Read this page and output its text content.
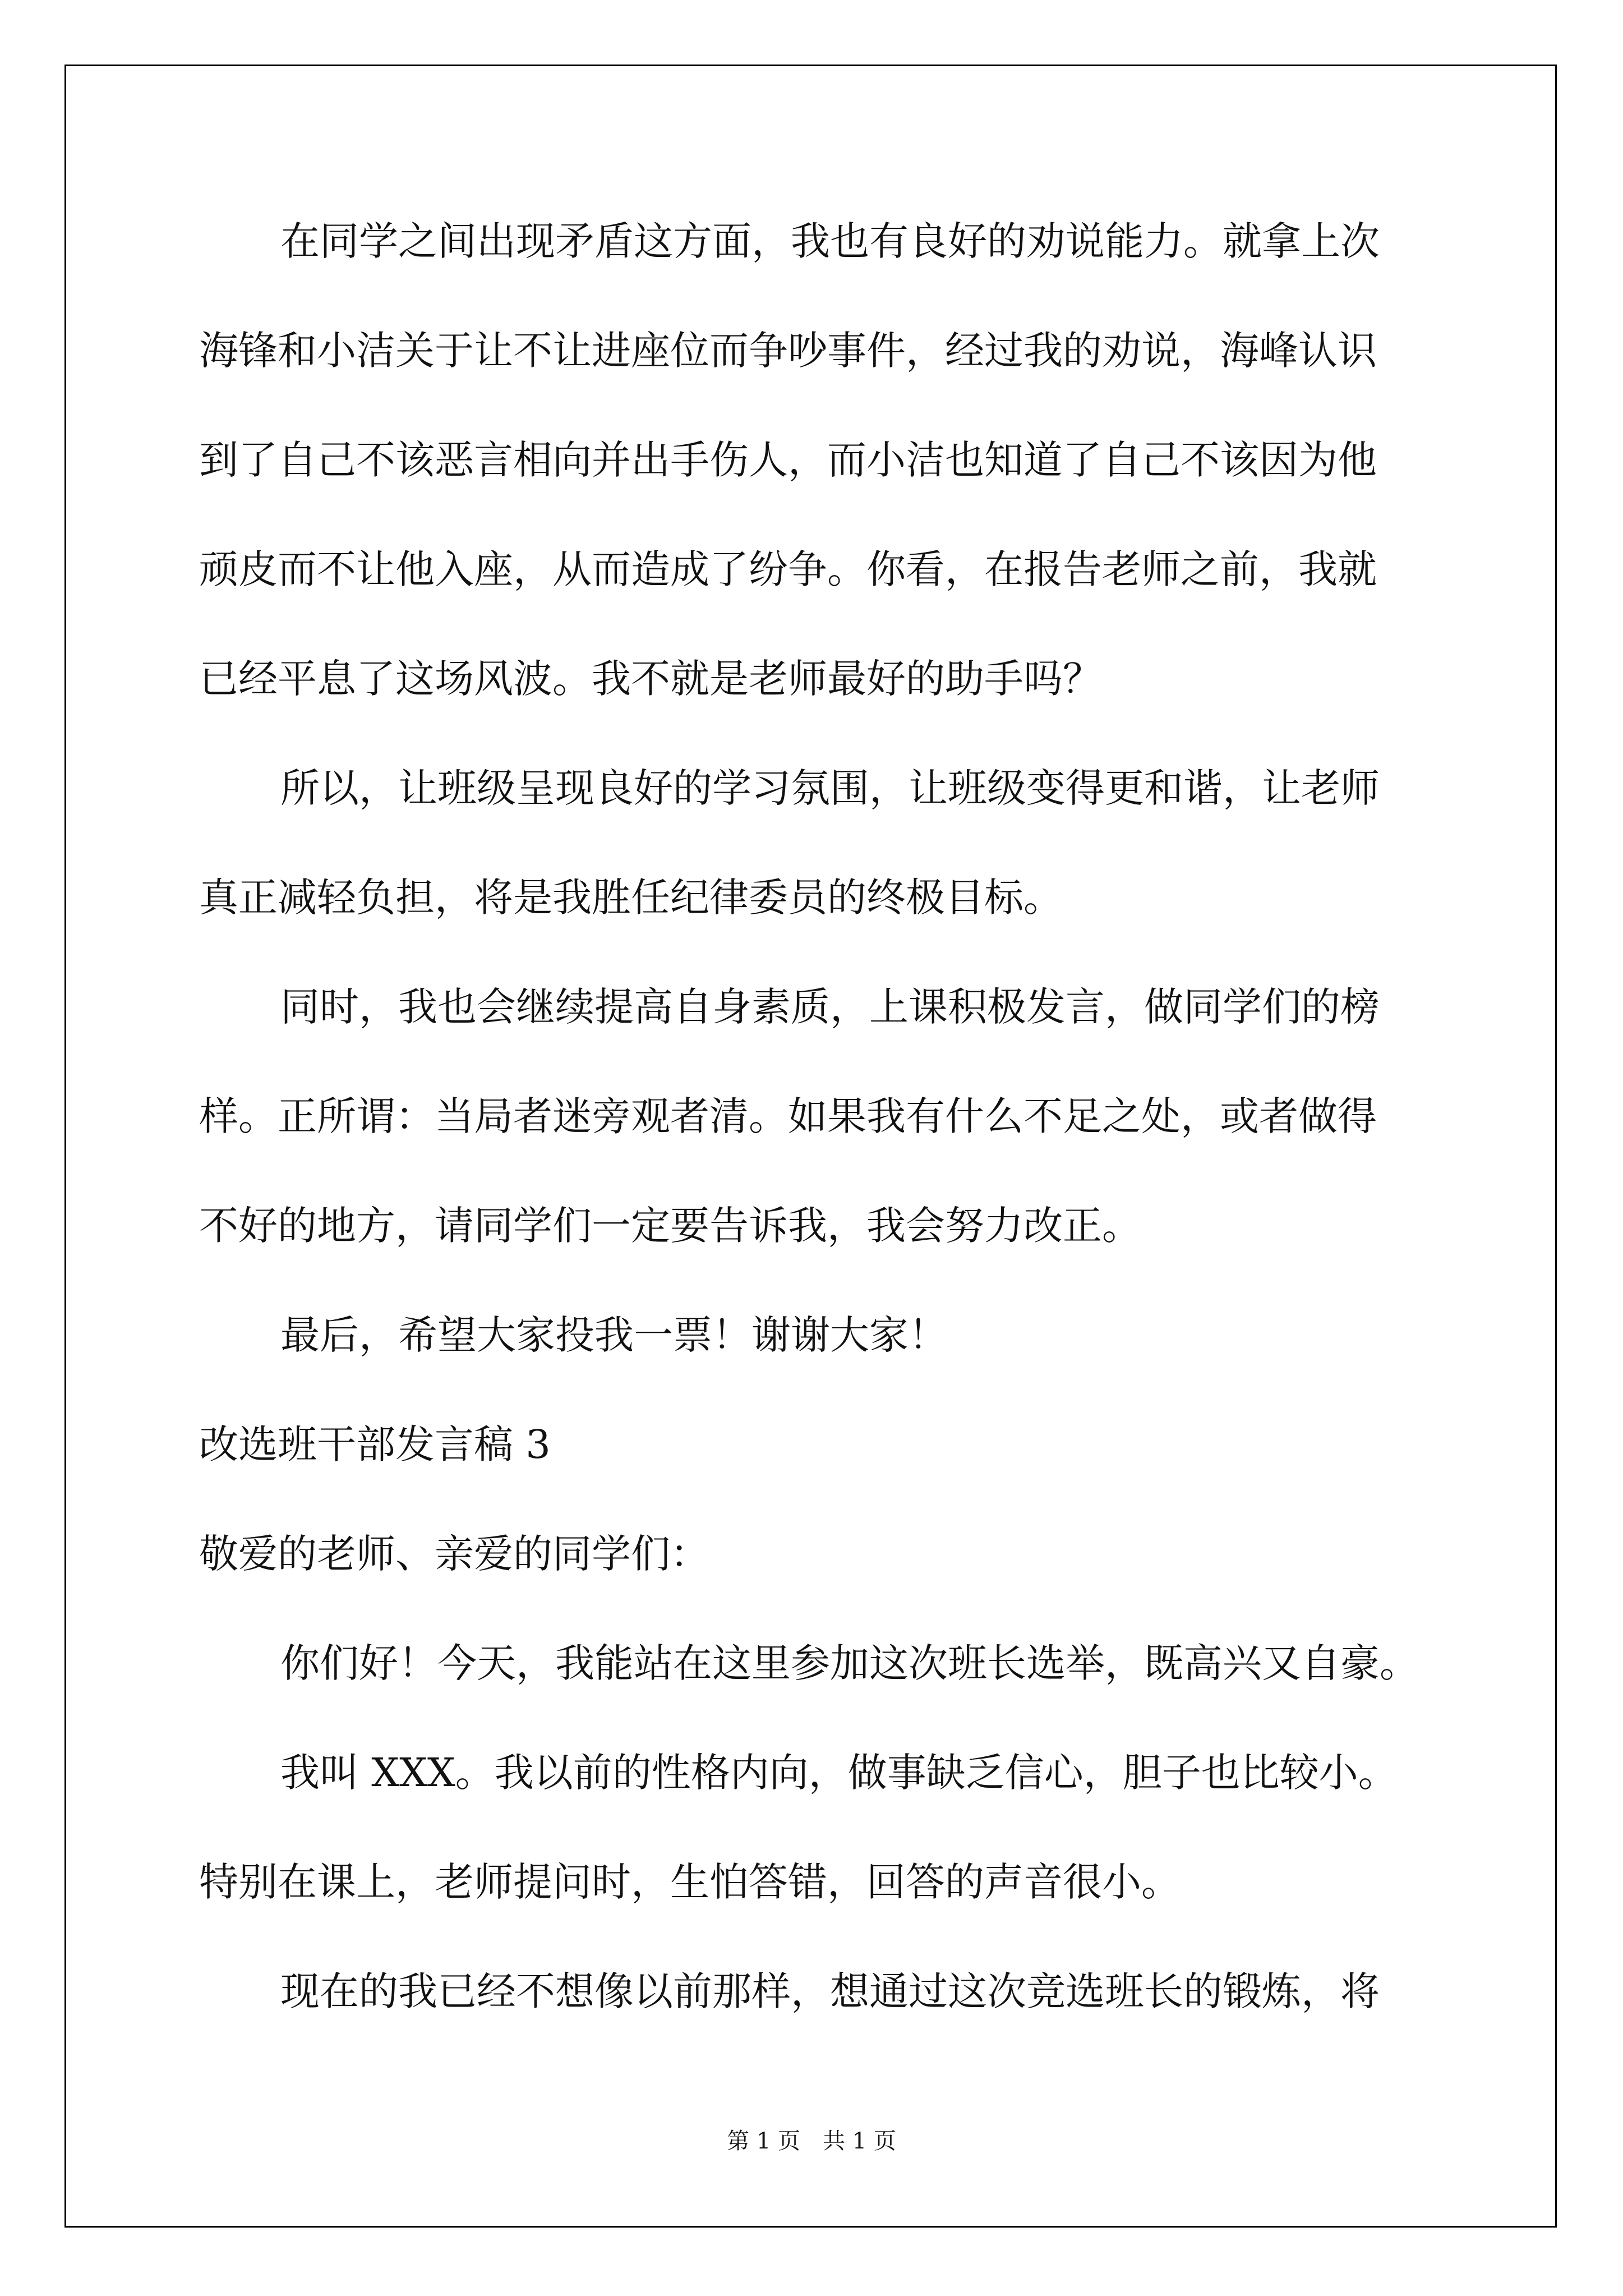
在同学之间出现矛盾这方面，我也有良好的劝说能力。就拿上次
海锋和小洁关于让不让进座位而争吵事件，经过我的劝说，海峰认识
到了自己不该恶言相向并出手伤人，而小洁也知道了自己不该因为他
顽皮而不让他入座，从而造成了纷争。你看，在报告老师之前，我就
已经平息了这场风波。我不就是老师最好的助手吗？
所以，让班级呈现良好的学习氛围，让班级变得更和谐，让老师
真正减轻负担，将是我胜任纪律委员的终极目标。
同时，我也会继续提高自身素质，上课积极发言，做同学们的榜
样。正所谓：当局者迷旁观者清。如果我有什么不足之处，或者做得
不好的地方，请同学们一定要告诉我，我会努力改正。
最后，希望大家投我一票！谢谢大家！
改选班干部发言稿 3
敬爱的老师、亲爱的同学们：
你们好！今天，我能站在这里参加这次班长选举，既高兴又自豪。
我叫 XXX。我以前的性格内向，做事缺乏信心，胆子也比较小。
特别在课上，老师提问时，生怕答错，回答的声音很小。
现在的我已经不想像以前那样，想通过这次竞选班长的锻炼，将
第 1 页　共 1 页
